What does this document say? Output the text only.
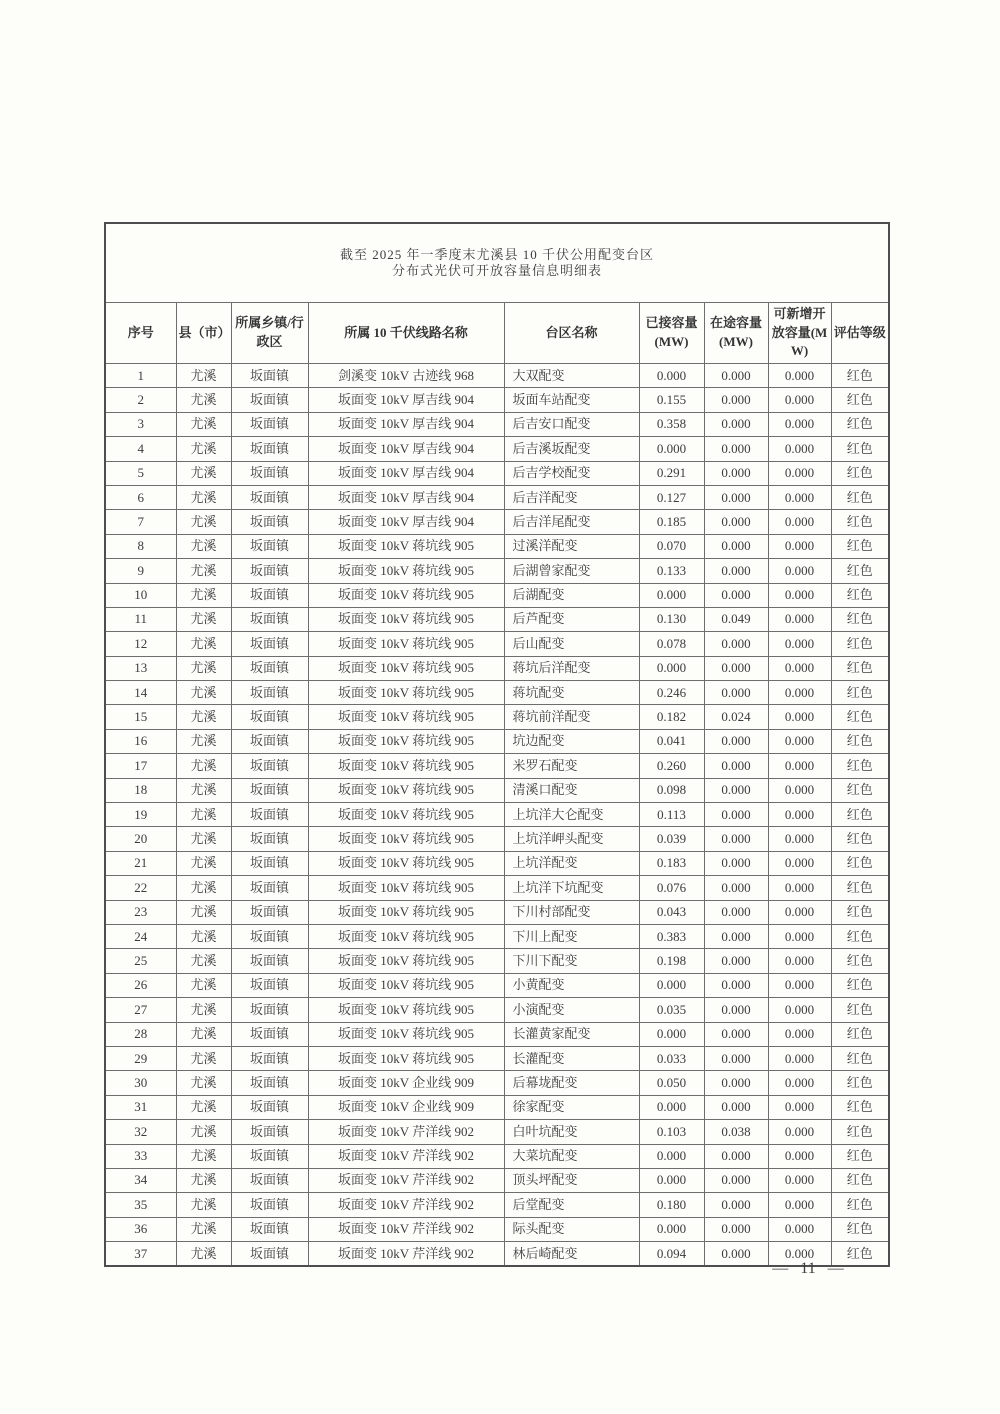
截至 2025 年一季度末尤溪县 10 千伏公用配变台区
分布式光伏可开放容量信息明细表								

序号	县（市）	所属乡镇/行政区	所属 10 千伏线路名称	台区名称	已接容量(MW)	在途容量(MW)	可新增开放容量(MW)	评估等级
1	尤溪	坂面镇	剑溪变 10kV 古迹线 968	大双配变	0.000	0.000	0.000	红色
2	尤溪	坂面镇	坂面变 10kV 厚吉线 904	坂面车站配变	0.155	0.000	0.000	红色
3	尤溪	坂面镇	坂面变 10kV 厚吉线 904	后吉安口配变	0.358	0.000	0.000	红色
4	尤溪	坂面镇	坂面变 10kV 厚吉线 904	后吉溪坂配变	0.000	0.000	0.000	红色
5	尤溪	坂面镇	坂面变 10kV 厚吉线 904	后吉学校配变	0.291	0.000	0.000	红色
6	尤溪	坂面镇	坂面变 10kV 厚吉线 904	后吉洋配变	0.127	0.000	0.000	红色
7	尤溪	坂面镇	坂面变 10kV 厚吉线 904	后吉洋尾配变	0.185	0.000	0.000	红色
8	尤溪	坂面镇	坂面变 10kV 蒋坑线 905	过溪洋配变	0.070	0.000	0.000	红色
9	尤溪	坂面镇	坂面变 10kV 蒋坑线 905	后湖曾家配变	0.133	0.000	0.000	红色
10	尤溪	坂面镇	坂面变 10kV 蒋坑线 905	后湖配变	0.000	0.000	0.000	红色
11	尤溪	坂面镇	坂面变 10kV 蒋坑线 905	后芦配变	0.130	0.049	0.000	红色
12	尤溪	坂面镇	坂面变 10kV 蒋坑线 905	后山配变	0.078	0.000	0.000	红色
13	尤溪	坂面镇	坂面变 10kV 蒋坑线 905	蒋坑后洋配变	0.000	0.000	0.000	红色
14	尤溪	坂面镇	坂面变 10kV 蒋坑线 905	蒋坑配变	0.246	0.000	0.000	红色
15	尤溪	坂面镇	坂面变 10kV 蒋坑线 905	蒋坑前洋配变	0.182	0.024	0.000	红色
16	尤溪	坂面镇	坂面变 10kV 蒋坑线 905	坑边配变	0.041	0.000	0.000	红色
17	尤溪	坂面镇	坂面变 10kV 蒋坑线 905	米罗石配变	0.260	0.000	0.000	红色
18	尤溪	坂面镇	坂面变 10kV 蒋坑线 905	清溪口配变	0.098	0.000	0.000	红色
19	尤溪	坂面镇	坂面变 10kV 蒋坑线 905	上坑洋大仑配变	0.113	0.000	0.000	红色
20	尤溪	坂面镇	坂面变 10kV 蒋坑线 905	上坑洋岬头配变	0.039	0.000	0.000	红色
21	尤溪	坂面镇	坂面变 10kV 蒋坑线 905	上坑洋配变	0.183	0.000	0.000	红色
22	尤溪	坂面镇	坂面变 10kV 蒋坑线 905	上坑洋下坑配变	0.076	0.000	0.000	红色
23	尤溪	坂面镇	坂面变 10kV 蒋坑线 905	下川村部配变	0.043	0.000	0.000	红色
24	尤溪	坂面镇	坂面变 10kV 蒋坑线 905	下川上配变	0.383	0.000	0.000	红色
25	尤溪	坂面镇	坂面变 10kV 蒋坑线 905	下川下配变	0.198	0.000	0.000	红色
26	尤溪	坂面镇	坂面变 10kV 蒋坑线 905	小黄配变	0.000	0.000	0.000	红色
27	尤溪	坂面镇	坂面变 10kV 蒋坑线 905	小演配变	0.035	0.000	0.000	红色
28	尤溪	坂面镇	坂面变 10kV 蒋坑线 905	长灌黄家配变	0.000	0.000	0.000	红色
29	尤溪	坂面镇	坂面变 10kV 蒋坑线 905	长灌配变	0.033	0.000	0.000	红色
30	尤溪	坂面镇	坂面变 10kV 企业线 909	后幕垅配变	0.050	0.000	0.000	红色
31	尤溪	坂面镇	坂面变 10kV 企业线 909	徐家配变	0.000	0.000	0.000	红色
32	尤溪	坂面镇	坂面变 10kV 芹洋线 902	白叶坑配变	0.103	0.038	0.000	红色
33	尤溪	坂面镇	坂面变 10kV 芹洋线 902	大菜坑配变	0.000	0.000	0.000	红色
34	尤溪	坂面镇	坂面变 10kV 芹洋线 902	顶头坪配变	0.000	0.000	0.000	红色
35	尤溪	坂面镇	坂面变 10kV 芹洋线 902	后堂配变	0.180	0.000	0.000	红色
36	尤溪	坂面镇	坂面变 10kV 芹洋线 902	际头配变	0.000	0.000	0.000	红色
37	尤溪	坂面镇	坂面变 10kV 芹洋线 902	林后崎配变	0.094	0.000	0.000	红色
— 11 —
